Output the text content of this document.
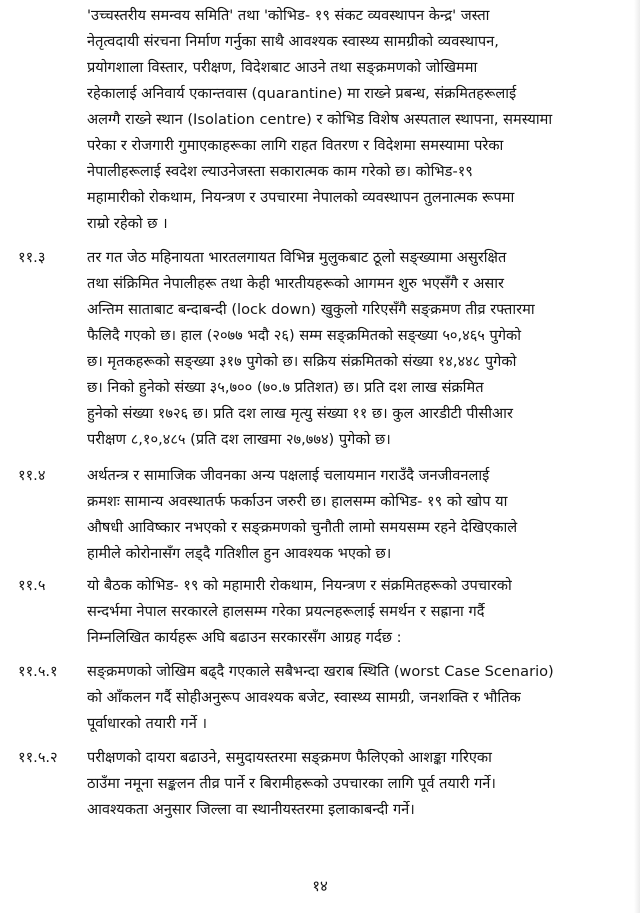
'उच्चस्तरीय समन्वय समिति' तथा 'कोभिड- १९ संकट व्यवस्थापन केन्द्र' जस्ता
नेतृत्वदायी संरचना निर्माण गर्नुका साथै आवश्यक स्वास्थ्य सामग्रीको व्यवस्थापन,
प्रयोगशाला विस्तार, परीक्षण, विदेशबाट आउने तथा सङ्क्रमणको जोखिममा
रहेकालाई अनिवार्य एकान्तवास (quarantine) मा राख्ने प्रबन्ध, संक्रमितहरूलाई
अलग्गै राख्ने स्थान (Isolation centre) र कोभिड विशेष अस्पताल स्थापना, समस्यामा
परेका र रोजगारी गुमाएकाहरूका लागि राहत वितरण र विदेशमा समस्यामा परेका
नेपालीहरूलाई स्वदेश ल्याउनेजस्ता सकारात्मक काम गरेको छ। कोभिड-१९
महामारीको रोकथाम, नियन्त्रण र उपचारमा नेपालको व्यवस्थापन तुलनात्मक रूपमा
राम्रो रहेको छ ।
११.३	तर गत जेठ महिनायता भारतलगायत विभिन्न मुलुकबाट ठूलो सङ्ख्यामा असुरक्षित
तथा संक्रिमित नेपालीहरू तथा केही भारतीयहरूको आगमन शुरु भएसँगै र असार
अन्तिम साताबाट बन्दाबन्दी (lock down) खुकुलो गरिएसँगै सङ्क्रमण तीव्र रफ्तारमा
फैलिदै गएको छ। हाल (२०७७ भदौ २६) सम्म सङ्क्रमितको सङ्ख्या ५०,४६५ पुगेको
छ। मृतकहरूको सङ्ख्या ३१७ पुगेको छ। सक्रिय संक्रमितको संख्या १४,४४८ पुगेको
छ। निको हुनेको संख्या ३५,७०० (७०.७ प्रतिशत) छ। प्रति दश लाख संक्रमित
हुनेको संख्या १७२६ छ। प्रति दश लाख मृत्यु संख्या ११ छ। कुल आरडीटी पीसीआर
परीक्षण ८,१०,४८५ (प्रति दश लाखमा २७,७७४) पुगेको छ।
११.४	अर्थतन्त्र र सामाजिक जीवनका अन्य पक्षलाई चलायमान गराउँदै जनजीवनलाई
क्रमशः सामान्य अवस्थातर्फ फर्काउन जरुरी छ। हालसम्म कोभिड- १९ को खोप या
औषधी आविष्कार नभएको र सङ्क्रमणको चुनौती लामो समयसम्म रहने देखिएकाले
हामीले कोरोनासँग लड्दै गतिशील हुन आवश्यक भएको छ।
११.५	यो बैठक कोभिड- १९ को महामारी रोकथाम, नियन्त्रण र संक्रमितहरूको उपचारको
सन्दर्भमा नेपाल सरकारले हालसम्म गरेका प्रयत्नहरूलाई समर्थन र सह्राना गर्दै
निम्नलिखित कार्यहरू अघि बढाउन सरकारसँग आग्रह गर्दछ :
११.५.१ सङ्क्रमणको जोखिम बढ्दै गएकाले सबैभन्दा खराब स्थिति (worst Case Scenario)
को आँकलन गर्दै सोहीअनुरूप आवश्यक बजेट, स्वास्थ्य सामग्री, जनशक्ति र भौतिक
पूर्वाधारको तयारी गर्ने ।
११.५.२ परीक्षणको दायरा बढाउने, समुदायस्तरमा सङ्क्रमण फैलिएको आशङ्का गरिएका
ठाउँमा नमूना सङ्कलन तीव्र पार्ने र बिरामीहरूको उपचारका लागि पूर्व तयारी गर्ने।
आवश्यकता अनुसार जिल्ला वा स्थानीयस्तरमा इलाकाबन्दी गर्ने।
१४
